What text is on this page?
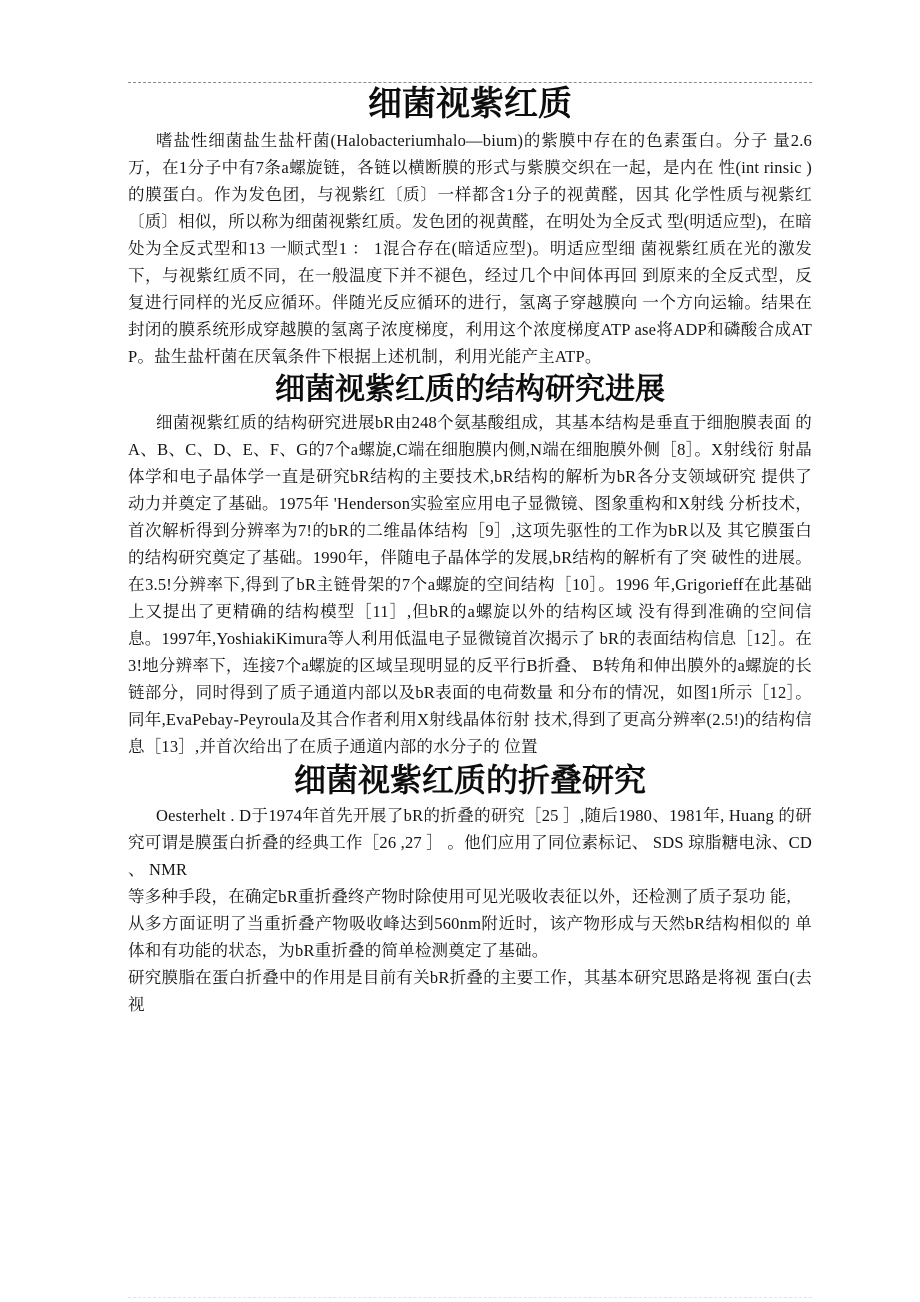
细菌视紫红质

嗜盐性细菌盐生盐杆菌(Halobacteriumhalo—bium)的紫膜中存在的色素蛋白。分子 量2.6万，在1分子中有7条a螺旋链，各链以横断膜的形式与紫膜交织在一起，是内在 性(int rinsic )的膜蛋白。作为发色团，与视紫红〔质〕一样都含1分子的视黄醛，因其 化学性质与视紫红〔质〕相似，所以称为细菌视紫红质。发色团的视黄醛，在明处为全反式 型(明适应型)，在暗处为全反式型和13 一顺式型1 ： 1混合存在(暗适应型)。明适应型细 菌视紫红质在光的激发下，与视紫红质不同，在一般温度下并不褪色，经过几个中间体再回 到原来的全反式型，反复进行同样的光反应循环。伴随光反应循环的进行，氢离子穿越膜向 一个方向运输。结果在封闭的膜系统形成穿越膜的氢离子浓度梯度，利用这个浓度梯度ATP ase将ADP和磷酸合成ATP。盐生盐杆菌在厌氧条件下根据上述机制，利用光能产主ATP。

细菌视紫红质的结构研究进展

细菌视紫红质的结构研究进展bR由248个氨基酸组成，其基本结构是垂直于细胞膜表面 的A、B、C、D、E、F、G的7个a螺旋,C端在细胞膜内侧,N端在细胞膜外侧［8］。X射线衍 射晶体学和电子晶体学一直是研究bR结构的主要技术,bR结构的解析为bR各分支领域研究 提供了动力并奠定了基础。1975年 'Henderson实验室应用电子显微镜、图象重构和X射线 分析技术，首次解析得到分辨率为7!的bR的二维晶体结构［9］,这项先驱性的工作为bR以及 其它膜蛋白的结构研究奠定了基础。1990年，伴随电子晶体学的发展,bR结构的解析有了突 破性的进展。在3.5!分辨率下,得到了bR主链骨架的7个a螺旋的空间结构［10］。1996 年,Grigorieff在此基础上又提出了更精确的结构模型［11］,但bR的a螺旋以外的结构区域 没有得到准确的空间信息。1997年,YoshiakiKimura等人利用低温电子显微镜首次揭示了 bR的表面结构信息［12］。在3!地分辨率下，连接7个a螺旋的区域呈现明显的反平行B折叠、 B转角和伸出膜外的a螺旋的长链部分，同时得到了质子通道内部以及bR表面的电荷数量 和分布的情况，如图1所示［12］。同年,EvaPebay-Peyroula及其合作者利用X射线晶体衍射 技术,得到了更高分辨率(2.5!)的结构信息［13］,并首次给出了在质子通道内部的水分子的 位置

细菌视紫红质的折叠研究

Oesterhelt . D于1974年首先开展了bR的折叠的研究［25 ］,随后1980、1981年, Huang 的研究可谓是膜蛋白折叠的经典工作［26 ,27 ］ 。他们应用了同位素标记、 SDS 琼脂糖电泳、CD 、 NMR

等多种手段，在确定bR重折叠终产物时除使用可见光吸收表征以外，还检测了质子泵功 能,

从多方面证明了当重折叠产物吸收峰达到560nm附近时，该产物形成与天然bR结构相似的 单体和有功能的状态，为bR重折叠的简单检测奠定了基础。

研究膜脂在蛋白折叠中的作用是目前有关bR折叠的主要工作，其基本研究思路是将视 蛋白(去视
